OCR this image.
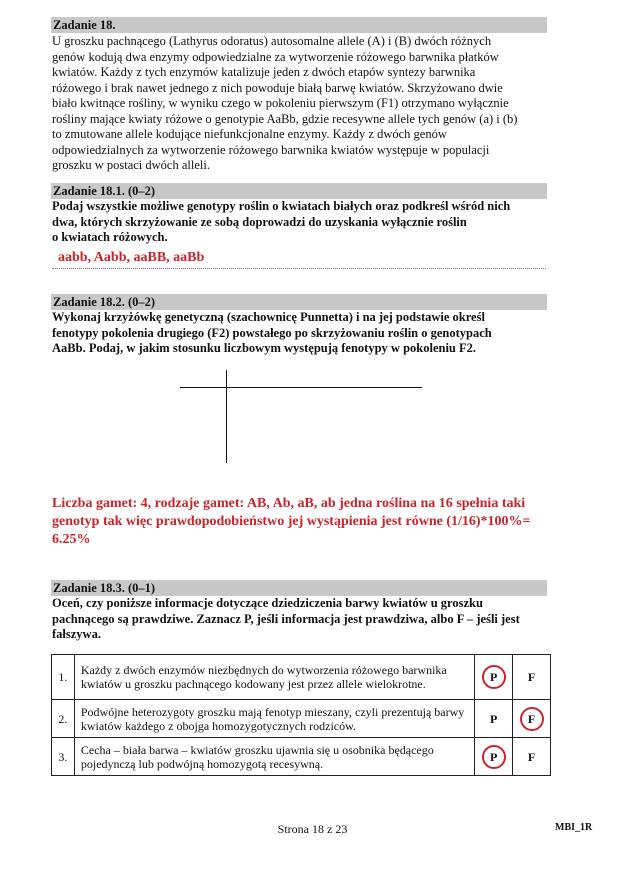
Zadanie 18.
U groszku pachnącego (Lathyrus odoratus) autosomalne allele (A) i (B) dwóch różnych
genów kodują dwa enzymy odpowiedzialne za wytworzenie różowego barwnika płatków
kwiatów. Każdy z tych enzymów katalizuje jeden z dwóch etapów syntezy barwnika
różowego i brak nawet jednego z nich powoduje białą barwę kwiatów. Skrzyżowano dwie
biało kwitnące rośliny, w wyniku czego w pokoleniu pierwszym (F1) otrzymano wyłącznie
rośliny mające kwiaty różowe o genotypie AaBb, gdzie recesywne allele tych genów (a) i (b)
to zmutowane allele kodujące niefunkcjonalne enzymy. Każdy z dwóch genów
odpowiedzialnych za wytworzenie różowego barwnika kwiatów występuje w populacji
groszku w postaci dwóch alleli.
Zadanie 18.1. (0–2)
Podaj wszystkie możliwe genotypy roślin o kwiatach białych oraz podkreśl wśród nich
dwa, których skrzyżowanie ze sobą doprowadzi do uzyskania wyłącznie roślin
o kwiatach różowych.
aabb, Aabb, aaBB, aaBb
Zadanie 18.2. (0–2)
Wykonaj krzyżówkę genetyczną (szachownicę Punnetta) i na jej podstawie określ
fenotypy pokolenia drugiego (F2) powstałego po skrzyżowaniu roślin o genotypach
AaBb. Podaj, w jakim stosunku liczbowym występują fenotypy w pokoleniu F2.
Liczba gamet: 4, rodzaje gamet: AB, Ab, aB, ab jedna roślina na 16 spełnia taki
genotyp tak więc prawdopodobieństwo jej wystąpienia jest równe (1/16)*100%=
6.25%
Zadanie 18.3. (0–1)
Oceń, czy poniższe informacje dotyczące dziedziczenia barwy kwiatów u groszku
pachnącego są prawdziwe. Zaznacz P, jeśli informacja jest prawdziwa, albo F – jeśli jest
fałszywa.
1.	Każdy z dwóch enzymów niezbędnych do wytworzenia różowego barwnika kwiatów u groszku pachnącego kodowany jest przez allele wielokrotne.	P	F
2.	Podwójne heterozygoty groszku mają fenotyp mieszany, czyli prezentują barwy kwiatów każdego z obojga homozygotycznych rodziców.	P	F
3.	Cecha – biała barwa – kwiatów groszku ujawnia się u osobnika będącego pojedynczą lub podwójną homozygotą recesywną.	P	F
Strona 18 z 23	MBI_1R
